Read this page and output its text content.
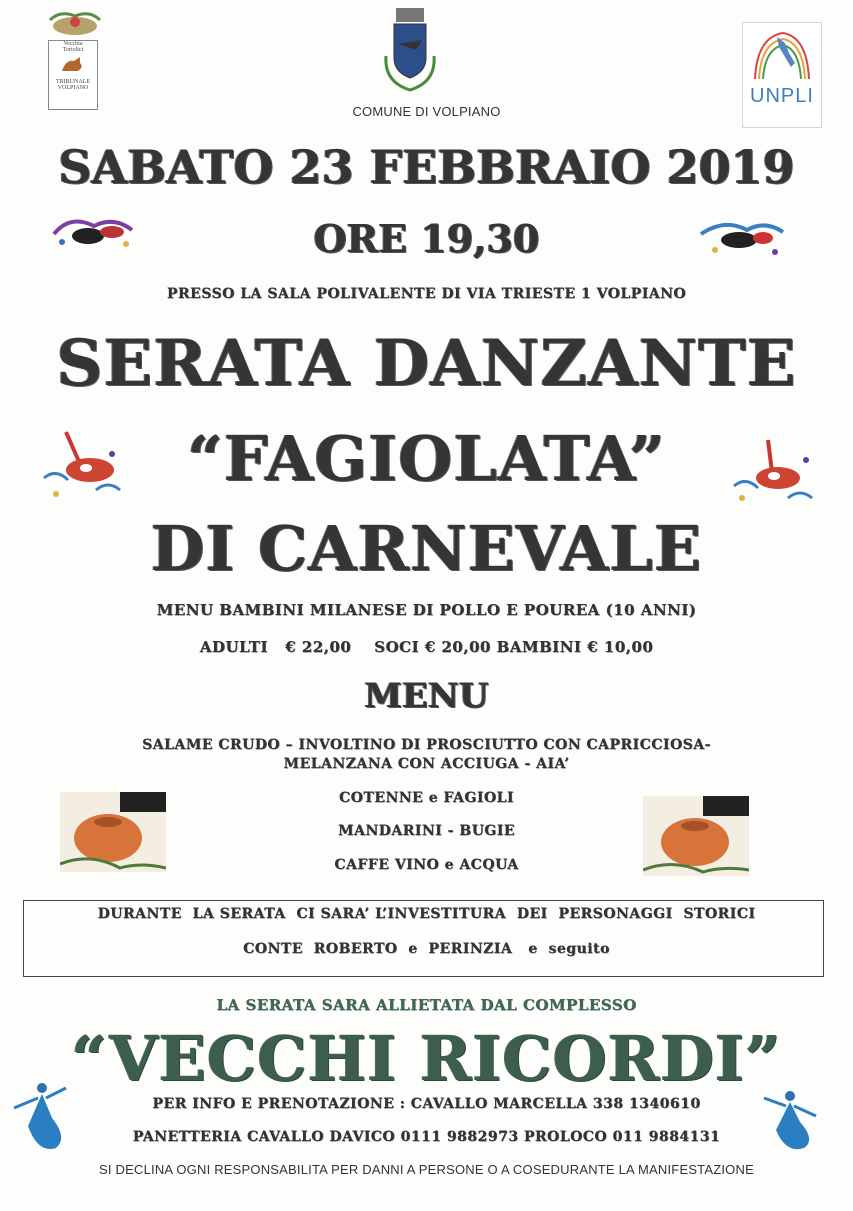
Vecchia
Tortolici
TRIBUNALE
VOLPIANO
COMUNE DI VOLPIANO
UNPLI
SABATO 23 FEBBRAIO 2019
ORE 19,30
PRESSO LA SALA POLIVALENTE DI VIA TRIESTE 1 VOLPIANO
SERATA DANZANTE
“FAGIOLATA”
DI CARNEVALE
MENU BAMBINI MILANESE DI POLLO E POUREA (10 ANNI)
ADULTI   € 22,00    SOCI € 20,00 BAMBINI € 10,00
MENU
SALAME CRUDO – INVOLTINO DI PROSCIUTTO CON CAPRICCIOSA-
MELANZANA CON ACCIUGA - AIA’
COTENNE e FAGIOLI
MANDARINI - BUGIE
CAFFE VINO e ACQUA
DURANTE  LA SERATA  CI SARA’ L’INVESTITURA  DEI  PERSONAGGI  STORICI
CONTE  ROBERTO  e  PERINZIA   e  seguito
LA SERATA SARA ALLIETATA DAL COMPLESSO
“VECCHI RICORDI”
PER INFO E PRENOTAZIONE : CAVALLO MARCELLA 338 1340610
PANETTERIA CAVALLO DAVICO 0111 9882973 PROLOCO 011 9884131
SI DECLINA OGNI RESPONSABILITA PER DANNI A PERSONE O A COSEDURANTE LA MANIFESTAZIONE
